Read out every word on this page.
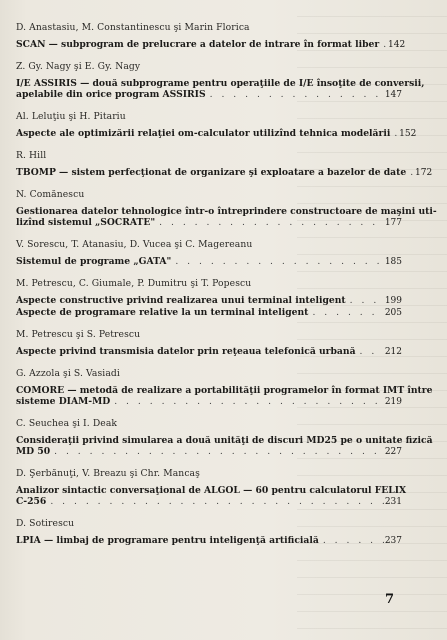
D. Anastasiu, M. Constantinescu şi Marin Florica
SCAN — subprogram de prelucrare a datelor de intrare în format liber . . . 142
Z. Gy. Nagy şi E. Gy. Nagy
I/E ASSIRIS — două subprograme pentru operaţiile de I/E însoţite de conversii,
apelabile din orice program ASSIRIS . . .	147
Al. Leluţiu şi H. Pitariu
Aspecte ale optimizării relaţiei om-calculator utilizînd tehnica modelării . . . 152
R. Hill
TBOMP — sistem perfecţionat de organizare şi exploatare a bazelor de date . . . 172
N. Comănescu
Gestionarea datelor tehnologice într-o întreprindere constructoare de maşini uti-
lizînd sistemul „SOCRATE" . . .	177
V. Sorescu, T. Atanasiu, D. Vucea şi C. Magereanu
Sistemul de programe „GATA" . . .	185
M. Petrescu, C. Giumale, P. Dumitru şi T. Popescu
Aspecte constructive privind realizarea unui terminal inteligent . . .	199
Aspecte de programare relative la un terminal inteligent . . .	205
M. Petrescu şi S. Petrescu
Aspecte privind transmisia datelor prin reţeaua telefonică urbană . . .	212
G. Azzola şi S. Vasiadi
COMORE — metodă de realizare a portabilităţii programelor în format IMT între
sisteme DIAM-MD . . .	219
C. Seuchea şi I. Deak
Consideraţii privind simularea a două unităţi de discuri MD25 pe o unitate fizică
MD 50 . . .	227
D. Şerbănuţi, V. Breazu şi Chr. Mancaş
Analizor sintactic conversaţional de ALGOL — 60 pentru calculatorul FELIX
C-256 . . .	231
D. Sotirescu
LPIA — limbaj de programare pentru inteligenţă artificială . . .	237
7
